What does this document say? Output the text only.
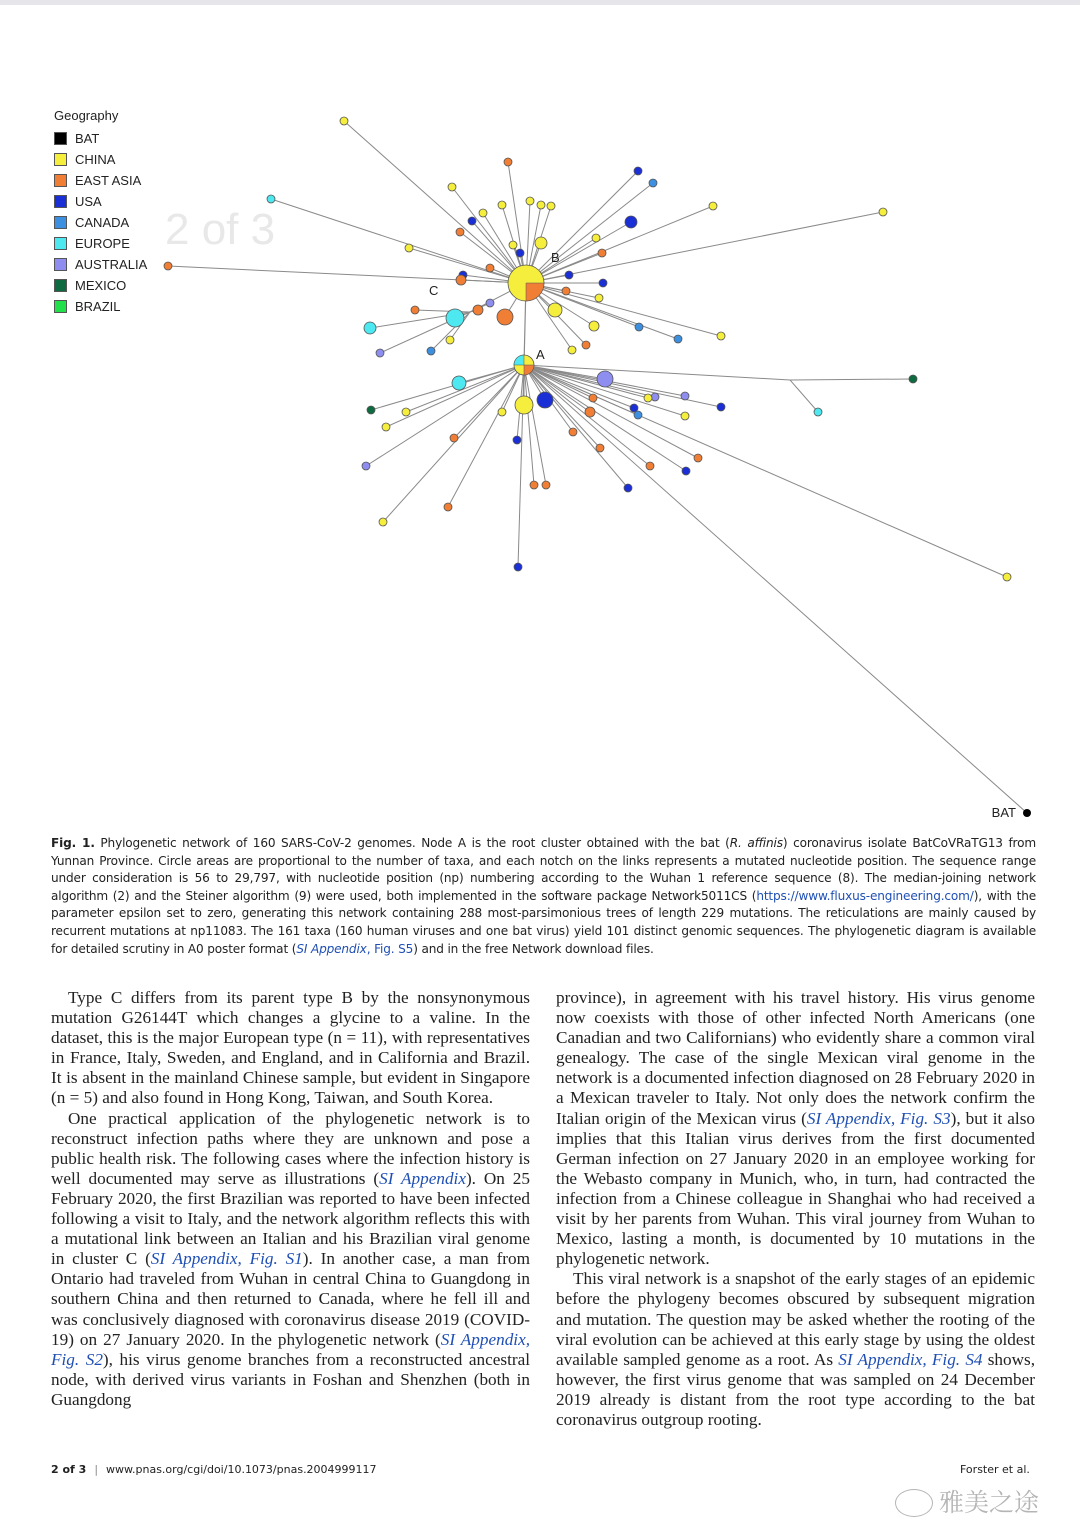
A
B
C
BAT
Geography
BAT
CHINA
EAST ASIA
USA
CANADA
EUROPE
AUSTRALIA
MEXICO
BRAZIL
2 of 3
Fig. 1. Phylogenetic network of 160 SARS-CoV-2 genomes. Node A is the root cluster obtained with the bat (R. affinis) coronavirus isolate BatCoVRaTG13 from Yunnan Province. Circle areas are proportional to the number of taxa, and each notch on the links represents a mutated nucleotide position. The sequence range under consideration is 56 to 29,797, with nucleotide position (np) numbering according to the Wuhan 1 reference sequence (8). The median-joining network algorithm (2) and the Steiner algorithm (9) were used, both implemented in the software package Network5011CS (https://www.fluxus-engineering.com/), with the parameter epsilon set to zero, generating this network containing 288 most-parsimonious trees of length 229 mutations. The reticulations are mainly caused by recurrent mutations at np11083. The 161 taxa (160 human viruses and one bat virus) yield 101 distinct genomic sequences. The phylogenetic diagram is available for detailed scrutiny in A0 poster format (SI Appendix, Fig. S5) and in the free Network download files.

Type C differs from its parent type B by the nonsynonymous mutation G26144T which changes a glycine to a valine. In the dataset, this is the major European type (n = 11), with representatives in France, Italy, Sweden, and England, and in California and Brazil. It is absent in the mainland Chinese sample, but evident in Singapore (n = 5) and also found in Hong Kong, Taiwan, and South Korea.

One practical application of the phylogenetic network is to reconstruct infection paths where they are unknown and pose a public health risk. The following cases where the infection history is well documented may serve as illustrations (SI Appendix). On 25 February 2020, the first Brazilian was reported to have been infected following a visit to Italy, and the network algorithm reflects this with a mutational link between an Italian and his Brazilian viral genome in cluster C (SI Appendix, Fig. S1). In another case, a man from Ontario had traveled from Wuhan in central China to Guangdong in southern China and then returned to Canada, where he fell ill and was conclusively diagnosed with coronavirus disease 2019 (COVID-19) on 27 January 2020. In the phylogenetic network (SI Appendix, Fig. S2), his virus genome branches from a reconstructed ancestral node, with derived virus variants in Foshan and Shenzhen (both in Guangdong

province), in agreement with his travel history. His virus genome now coexists with those of other infected North Americans (one Canadian and two Californians) who evidently share a common viral genealogy. The case of the single Mexican viral genome in the network is a documented infection diagnosed on 28 February 2020 in a Mexican traveler to Italy. Not only does the network confirm the Italian origin of the Mexican virus (SI Appendix, Fig. S3), but it also implies that this Italian virus derives from the first documented German infection on 27 January 2020 in an employee working for the Webasto company in Munich, who, in turn, had contracted the infection from a Chinese colleague in Shanghai who had received a visit by her parents from Wuhan. This viral journey from Wuhan to Mexico, lasting a month, is documented by 10 mutations in the phylogenetic network.

This viral network is a snapshot of the early stages of an epidemic before the phylogeny becomes obscured by subsequent migration and mutation. The question may be asked whether the rooting of the viral evolution can be achieved at this early stage by using the oldest available sampled genome as a root. As SI Appendix, Fig. S4 shows, however, the first virus genome that was sampled on 24 December 2019 already is distant from the root type according to the bat coronavirus outgroup rooting.

2 of 3 | www.pnas.org/cgi/doi/10.1073/pnas.2004999117	Forster et al.
雅美之途
